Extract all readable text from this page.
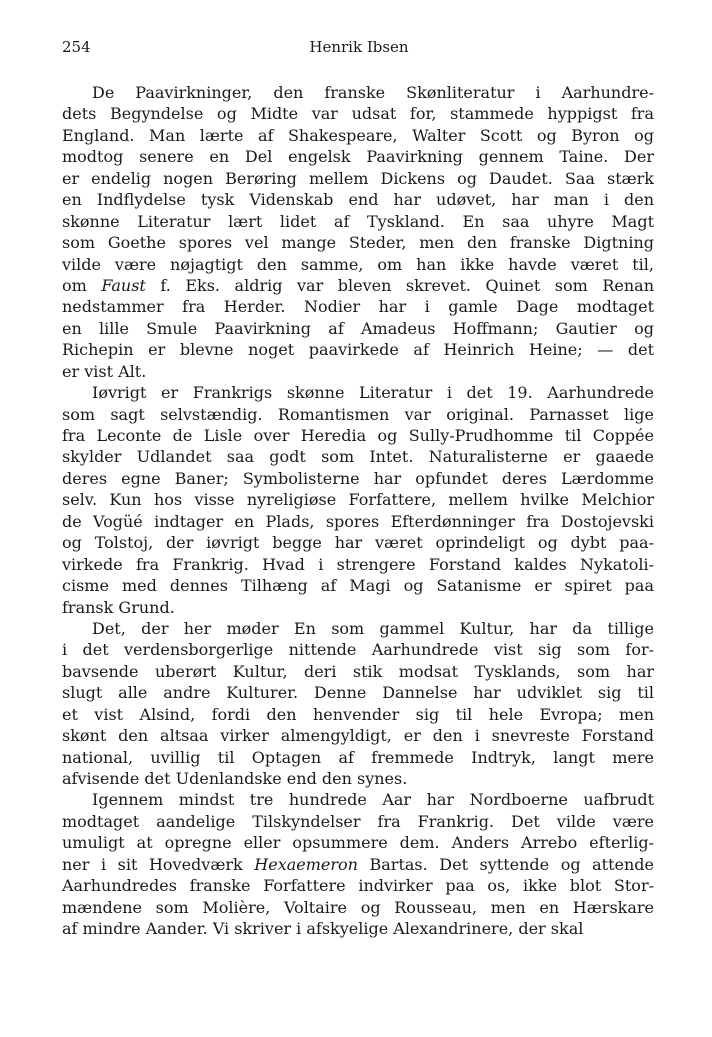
254	Henrik Ibsen
De Paavirkninger, den franske Skønliteratur i Aarhundre-
dets Begyndelse og Midte var udsat for, stammede hyppigst fra
England. Man lærte af Shakespeare, Walter Scott og Byron og
modtog senere en Del engelsk Paavirkning gennem Taine. Der
er endelig nogen Berøring mellem Dickens og Daudet. Saa stærk
en Indflydelse tysk Videnskab end har udøvet, har man i den
skønne Literatur lært lidet af Tyskland. En saa uhyre Magt
som Goethe spores vel mange Steder, men den franske Digtning
vilde være nøjagtigt den samme, om han ikke havde været til,
om Faust f. Eks. aldrig var bleven skrevet. Quinet som Renan
nedstammer fra Herder. Nodier har i gamle Dage modtaget
en lille Smule Paavirkning af Amadeus Hoffmann; Gautier og
Richepin er blevne noget paavirkede af Heinrich Heine; — det
er vist Alt.
Iøvrigt er Frankrigs skønne Literatur i det 19. Aarhundrede
som sagt selvstændig. Romantismen var original. Parnasset lige
fra Leconte de Lisle over Heredia og Sully-Prudhomme til Coppée
skylder Udlandet saa godt som Intet. Naturalisterne er gaaede
deres egne Baner; Symbolisterne har opfundet deres Lærdomme
selv. Kun hos visse nyreligiøse Forfattere, mellem hvilke Melchior
de Vogüé indtager en Plads, spores Efterdønninger fra Dostojevski
og Tolstoj, der iøvrigt begge har været oprindeligt og dybt paa-
virkede fra Frankrig. Hvad i strengere Forstand kaldes Nykatoli-
cisme med dennes Tilhæng af Magi og Satanisme er spiret paa
fransk Grund.
Det, der her møder En som gammel Kultur, har da tillige
i det verdensborgerlige nittende Aarhundrede vist sig som for-
bavsende uberørt Kultur, deri stik modsat Tysklands, som har
slugt alle andre Kulturer. Denne Dannelse har udviklet sig til
et vist Alsind, fordi den henvender sig til hele Evropa; men
skønt den altsaa virker almengyldigt, er den i snevreste Forstand
national, uvillig til Optagen af fremmede Indtryk, langt mere
afvisende det Udenlandske end den synes.
Igennem mindst tre hundrede Aar har Nordboerne uafbrudt
modtaget aandelige Tilskyndelser fra Frankrig. Det vilde være
umuligt at opregne eller opsummere dem. Anders Arrebo efterlig-
ner i sit Hovedværk Hexaemeron Bartas. Det syttende og attende
Aarhundredes franske Forfattere indvirker paa os, ikke blot Stor-
mændene som Molière, Voltaire og Rousseau, men en Hærskare
af mindre Aander. Vi skriver i afskyelige Alexandrinere, der skal
